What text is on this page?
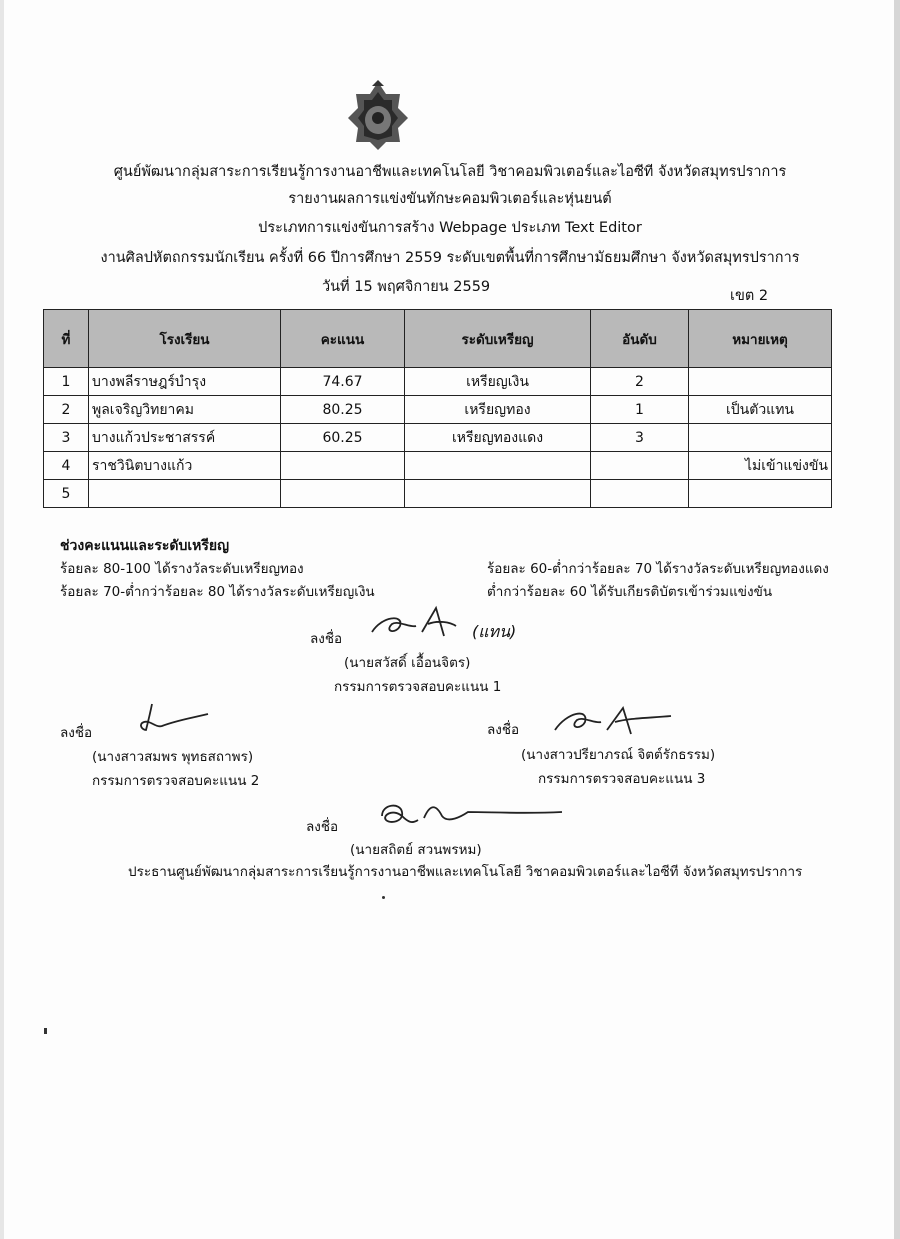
ศูนย์พัฒนากลุ่มสาระการเรียนรู้การงานอาชีพและเทคโนโลยี วิชาคอมพิวเตอร์และไอซีที จังหวัดสมุทรปราการ
รายงานผลการแข่งขันทักษะคอมพิวเตอร์และหุ่นยนต์
ประเภทการแข่งขันการสร้าง Webpage ประเภท Text Editor
งานศิลปหัตถกรรมนักเรียน ครั้งที่ 66 ปีการศึกษา 2559 ระดับเขตพื้นที่การศึกษามัธยมศึกษา จังหวัดสมุทรปราการ
วันที่ 15 พฤศจิกายน 2559
เขต 2
ที่	โรงเรียน	คะแนน	ระดับเหรียญ	อันดับ	หมายเหตุ
1	บางพลีราษฎร์บำรุง	74.67	เหรียญเงิน	2	
2	พูลเจริญวิทยาคม	80.25	เหรียญทอง	1	เป็นตัวแทน
3	บางแก้วประชาสรรค์	60.25	เหรียญทองแดง	3	
4	ราชวินิตบางแก้ว				ไม่เข้าแข่งขัน
5					
ช่วงคะแนนและระดับเหรียญ
ร้อยละ 80-100 ได้รางวัลระดับเหรียญทอง
ร้อยละ 70-ต่ำกว่าร้อยละ 80 ได้รางวัลระดับเหรียญเงิน
ร้อยละ 60-ต่ำกว่าร้อยละ 70 ได้รางวัลระดับเหรียญทองแดง
ต่ำกว่าร้อยละ 60 ได้รับเกียรติบัตรเข้าร่วมแข่งขัน
ลงชื่อ	(แทน)
(นายสวัสดิ์ เอื้อนจิตร)
กรรมการตรวจสอบคะแนน 1
ลงชื่อ
(นางสาวสมพร พุทธสถาพร)
กรรมการตรวจสอบคะแนน 2
ลงชื่อ
(นางสาวปรียาภรณ์ จิตต์รักธรรม)
กรรมการตรวจสอบคะแนน 3
ลงชื่อ
(นายสถิตย์ สวนพรหม)
ประธานศูนย์พัฒนากลุ่มสาระการเรียนรู้การงานอาชีพและเทคโนโลยี วิชาคอมพิวเตอร์และไอซีที จังหวัดสมุทรปราการ
